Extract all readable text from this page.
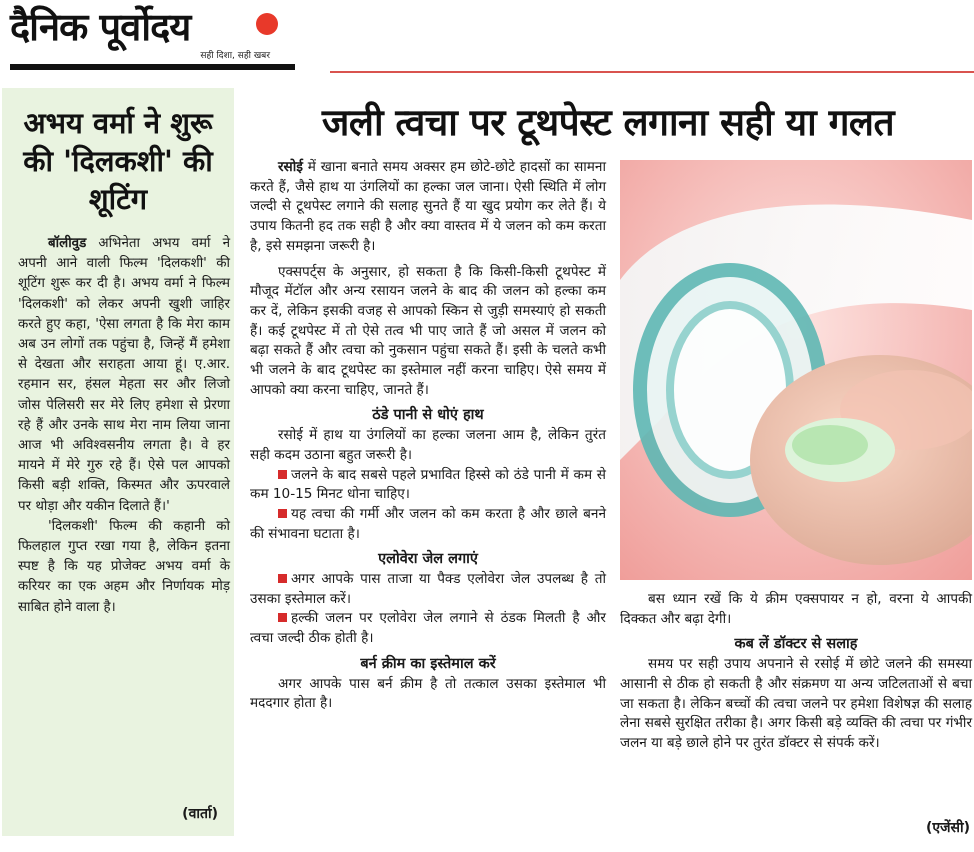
दैनिक पूर्वोदय
सही दिशा, सही खबर
अभय वर्मा ने शुरू की 'दिलकशी' की शूटिंग

बॉलीवुड अभिनेता अभय वर्मा ने अपनी आने वाली फिल्म 'दिलकशी' की शूटिंग शुरू कर दी है। अभय वर्मा ने फिल्म 'दिलकशी' को लेकर अपनी खुशी जाहिर करते हुए कहा, 'ऐसा लगता है कि मेरा काम अब उन लोगों तक पहुंचा है, जिन्हें मैं हमेशा से देखता और सराहता आया हूं। ए.आर. रहमान सर, हंसल मेहता सर और लिजो जोस पेलिसरी सर मेरे लिए हमेशा से प्रेरणा रहे हैं और उनके साथ मेरा नाम लिया जाना आज भी अविश्वसनीय लगता है। वे हर मायने में मेरे गुरु रहे हैं। ऐसे पल आपको किसी बड़ी शक्ति, किस्मत और ऊपरवाले पर थोड़ा और यकीन दिलाते हैं।'

'दिलकशी' फिल्म की कहानी को फिलहाल गुप्त रखा गया है, लेकिन इतना स्पष्ट है कि यह प्रोजेक्ट अभय वर्मा के करियर का एक अहम और निर्णायक मोड़ साबित होने वाला है।

(वार्ता)
जली त्वचा पर टूथपेस्ट लगाना सही या गलत

रसोई में खाना बनाते समय अक्सर हम छोटे-छोटे हादसों का सामना करते हैं, जैसे हाथ या उंगलियों का हल्का जल जाना। ऐसी स्थिति में लोग जल्दी से टूथपेस्ट लगाने की सलाह सुनते हैं या खुद प्रयोग कर लेते हैं। ये उपाय कितनी हद तक सही है और क्या वास्तव में ये जलन को कम करता है, इसे समझना जरूरी है।

एक्सपर्ट्स के अनुसार, हो सकता है कि किसी-किसी टूथपेस्ट में मौजूद मेंटॉल और अन्य रसायन जलने के बाद की जलन को हल्का कम कर दें, लेकिन इसकी वजह से आपको स्किन से जुड़ी समस्याएं हो सकती हैं। कई टूथपेस्ट में तो ऐसे तत्व भी पाए जाते हैं जो असल में जलन को बढ़ा सकते हैं और त्वचा को नुकसान पहुंचा सकते हैं। इसी के चलते कभी भी जलने के बाद टूथपेस्ट का इस्तेमाल नहीं करना चाहिए। ऐसे समय में आपको क्या करना चाहिए, जानते हैं।

ठंडे पानी से धोएं हाथ

रसोई में हाथ या उंगलियों का हल्का जलना आम है, लेकिन तुरंत सही कदम उठाना बहुत जरूरी है।

जलने के बाद सबसे पहले प्रभावित हिस्से को ठंडे पानी में कम से कम 10-15 मिनट धोना चाहिए।

यह त्वचा की गर्मी और जलन को कम करता है और छाले बनने की संभावना घटाता है।

एलोवेरा जेल लगाएं

अगर आपके पास ताजा या पैक्ड एलोवेरा जेल उपलब्ध है तो उसका इस्तेमाल करें।

हल्की जलन पर एलोवेरा जेल लगाने से ठंडक मिलती है और त्वचा जल्दी ठीक होती है।

बर्न क्रीम का इस्तेमाल करें

अगर आपके पास बर्न क्रीम है तो तत्काल उसका इस्तेमाल भी मददगार होता है।

बस ध्यान रखें कि ये क्रीम एक्सपायर न हो, वरना ये आपकी दिक्कत और बढ़ा देगी।

कब लें डॉक्टर से सलाह

समय पर सही उपाय अपनाने से रसोई में छोटे जलने की समस्या आसानी से ठीक हो सकती है और संक्रमण या अन्य जटिलताओं से बचा जा सकता है। लेकिन बच्चों की त्वचा जलने पर हमेशा विशेषज्ञ की सलाह लेना सबसे सुरक्षित तरीका है। अगर किसी बड़े व्यक्ति की त्वचा पर गंभीर जलन या बड़े छाले होने पर तुरंत डॉक्टर से संपर्क करें।

(एजेंसी)
